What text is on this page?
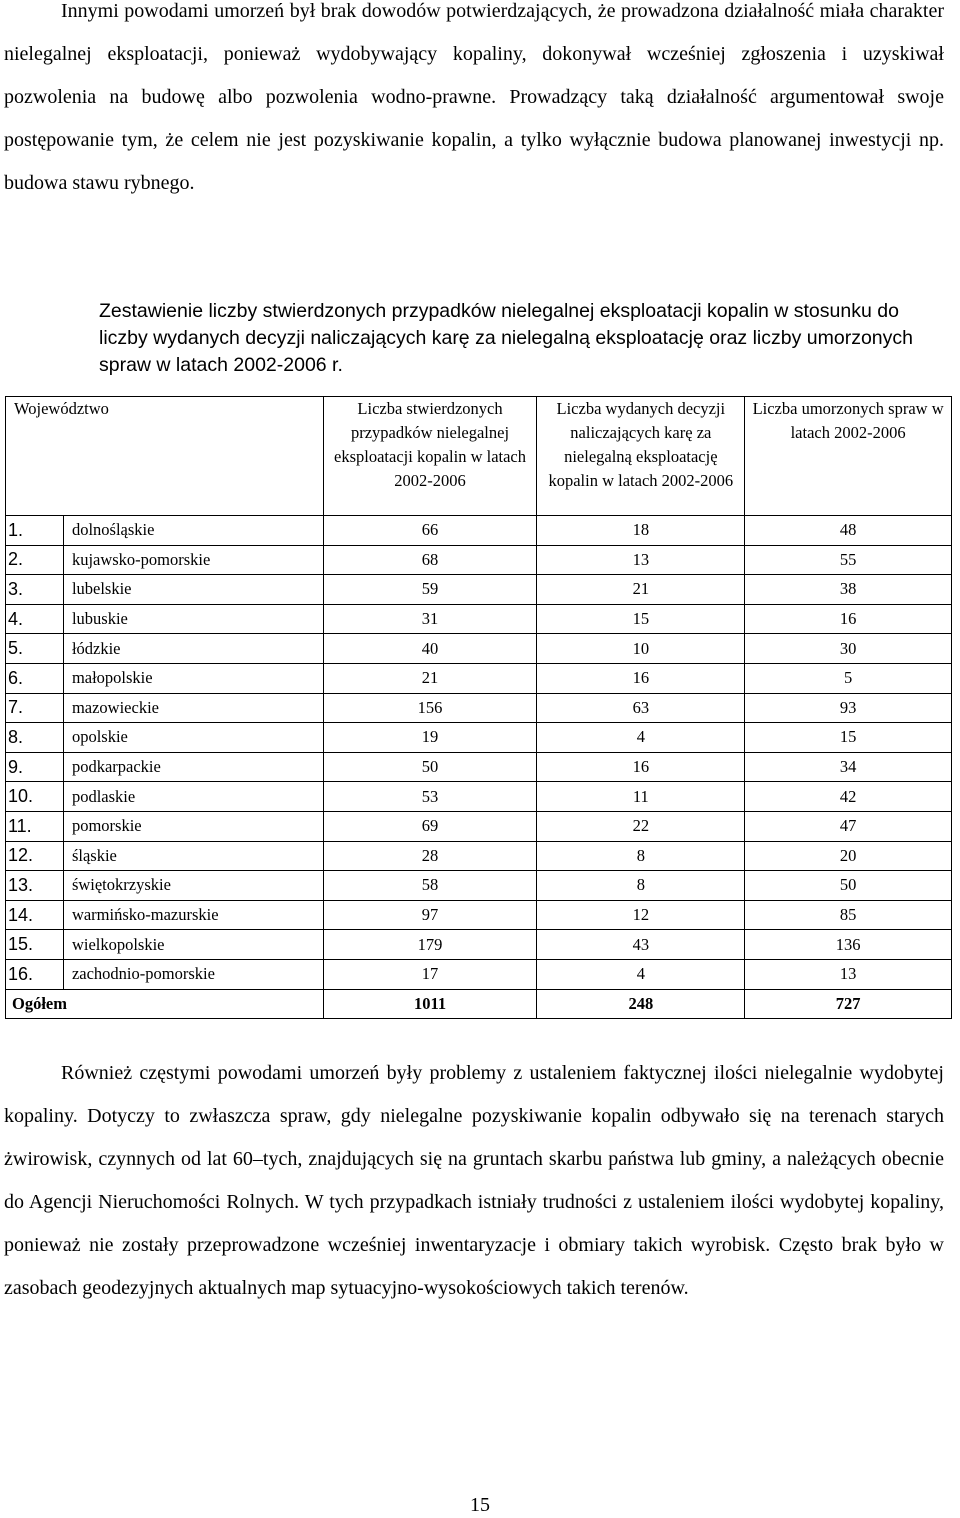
Innymi powodami umorzeń był brak dowodów potwierdzających, że prowadzona działalność miała charakter nielegalnej eksploatacji, ponieważ wydobywający kopaliny, dokonywał wcześniej zgłoszenia i uzyskiwał pozwolenia na budowę albo pozwolenia wodno-prawne. Prowadzący taką działalność argumentował swoje postępowanie tym, że celem nie jest pozyskiwanie kopalin, a tylko wyłącznie budowa planowanej inwestycji np. budowa stawu rybnego.

Zestawienie liczby stwierdzonych przypadków nielegalnej eksploatacji kopalin w stosunku do liczby wydanych decyzji naliczających karę za nielegalną eksploatację oraz liczby umorzonych spraw w latach 2002-2006 r.
Województwo		Liczba stwierdzonych przypadków nielegalnej eksploatacji kopalin w latach 2002-2006	Liczba wydanych decyzji naliczających karę za nielegalną eksploatację kopalin w latach 2002-2006	Liczba umorzonych spraw w latach 2002-2006
1.	dolnośląskie	66	18	48
2.	kujawsko-pomorskie	68	13	55
3.	lubelskie	59	21	38
4.	lubuskie	31	15	16
5.	łódzkie	40	10	30
6.	małopolskie	21	16	5
7.	mazowieckie	156	63	93
8.	opolskie	19	4	15
9.	podkarpackie	50	16	34
10.	podlaskie	53	11	42
11.	pomorskie	69	22	47
12.	śląskie	28	8	20
13.	świętokrzyskie	58	8	50
14.	warmińsko-mazurskie	97	12	85
15.	wielkopolskie	179	43	136
16.	zachodnio-pomorskie	17	4	13
Ogółem		1011	248	727

Również częstymi powodami umorzeń były problemy z ustaleniem faktycznej ilości nielegalnie wydobytej kopaliny. Dotyczy to zwłaszcza spraw, gdy nielegalne pozyskiwanie kopalin odbywało się na terenach starych żwirowisk, czynnych od lat 60–tych, znajdujących się na gruntach skarbu państwa lub gminy, a należących obecnie do Agencji Nieruchomości Rolnych. W tych przypadkach istniały trudności z ustaleniem ilości wydobytej kopaliny, ponieważ nie zostały przeprowadzone wcześniej inwentaryzacje i obmiary takich wyrobisk. Często brak było w zasobach geodezyjnych aktualnych map sytuacyjno-wysokościowych takich terenów.

15
